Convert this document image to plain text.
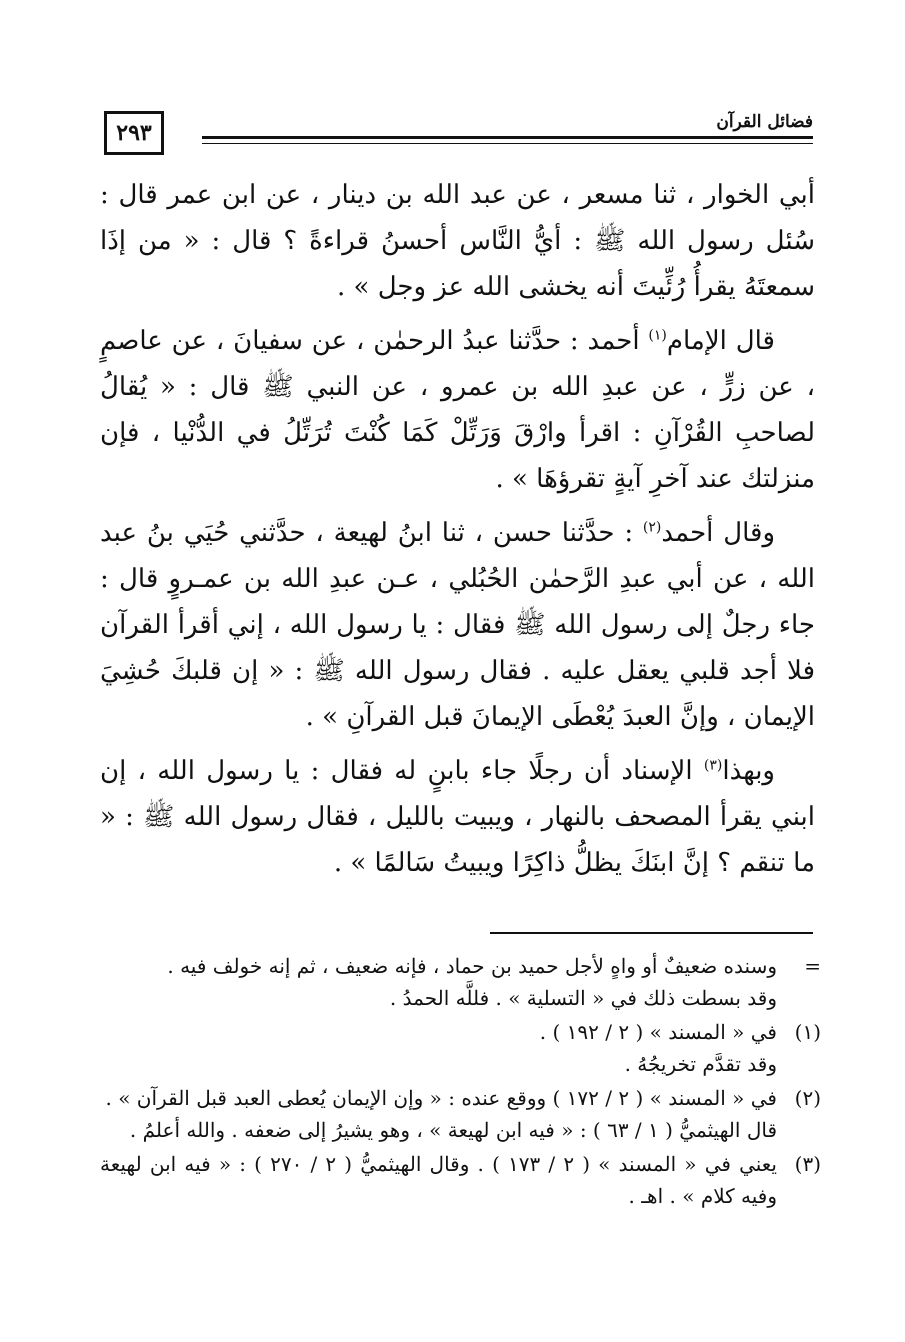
٢٩٣	فضائل القرآن

أبي الخوار ، ثنا مسعر ، عن عبد الله بن دينار ، عن ابن عمر قال : سُئل رسول الله ﷺ : أيُّ النَّاس أحسنُ قراءةً ؟ قال : « من إذَا سمعتَهُ يقرأُ رُئِّيتَ أنه يخشى الله عز وجل » .

قال الإمام$^{(١)}$ أحمد : حدَّثنا عبدُ الرحمٰن ، عن سفيانَ ، عن عاصمٍ ، عن زرٍّ ، عن عبدِ الله بن عمرو ، عن النبي ﷺ قال : « يُقالُ لصاحبِ القُرْآنِ : اقرأ وارْقَ وَرَتِّلْ كَمَا كُنْتَ تُرَتِّلُ في الدُّنْيا ، فإن منزلتك عند آخرِ آيةٍ تقرؤهَا » .

وقال أحمد$^{(٢)}$ : حدَّثنا حسن ، ثنا ابنُ لهيعة ، حدَّثني حُيَي بنُ عبد الله ، عن أبي عبدِ الرَّحمٰن الحُبُلي ، عـن عبدِ الله بن عمـروٍ قال : جاء رجلٌ إلى رسول الله ﷺ فقال : يا رسول الله ، إني أقرأ القرآن فلا أجد قلبي يعقل عليه . فقال رسول الله ﷺ : « إن قلبكَ حُشِيَ الإيمان ، وإنَّ العبدَ يُعْطَى الإيمانَ قبل القرآنِ » .

وبهذا$^{(٣)}$ الإسناد أن رجلًا جاء بابنٍ له فقال : يا رسول الله ، إن ابني يقرأ المصحف بالنهار ، ويبيت بالليل ، فقال رسول الله ﷺ : « ما تنقم ؟ إنَّ ابنَكَ يظلُّ ذاكِرًا ويبيتُ سَالمًا » .

=
وسنده ضعيفٌ أو واهٍ لأجل حميد بن حماد ، فإنه ضعيف ، ثم إنه خولف فيه .
وقد بسطت ذلك في « التسلية » . فللَّه الحمدُ .
(١)
في « المسند » ( ٢ / ١٩٢ ) .
وقد تقدَّم تخريجُهُ .
(٢)
في « المسند » ( ٢ / ١٧٢ ) ووقع عنده : « وإن الإيمان يُعطى العبد قبل القرآن » .
قال الهيثميُّ ( ١ / ٦٣ ) : « فيه ابن لهيعة » ، وهو يشيرُ إلى ضعفه . والله أعلمُ .
(٣)
يعني في « المسند » ( ٢ / ١٧٣ ) . وقال الهيثميُّ ( ٢ / ٢٧٠ ) : « فيه ابن لهيعة وفيه كلام » . اهـ .
